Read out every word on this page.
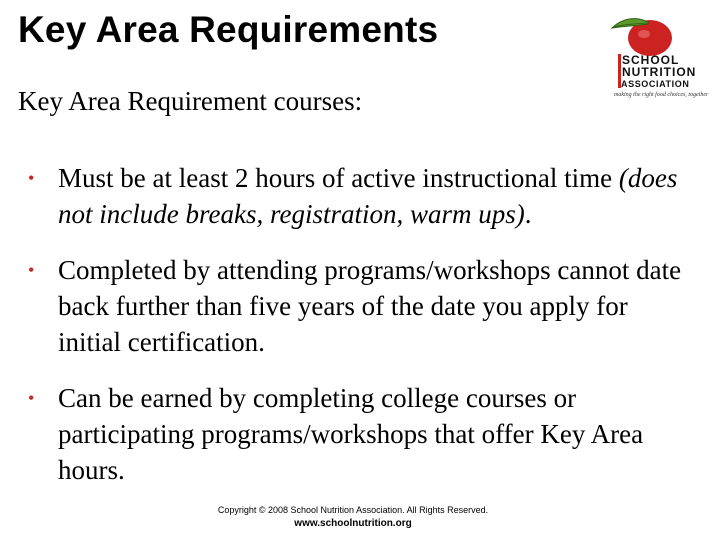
Key Area Requirements
Key Area Requirement courses:
SCHOOL
NUTRITION
ASSOCIATION
making the right food choices, together
• Must be at least 2 hours of active instructional time (does not include breaks, registration, warm ups).
• Completed by attending programs/workshops cannot date back further than five years of the date you apply for initial certification.
• Can be earned by completing college courses or participating programs/workshops that offer Key Area hours.
Copyright © 2008 School Nutrition Association. All Rights Reserved.
www.schoolnutrition.org
